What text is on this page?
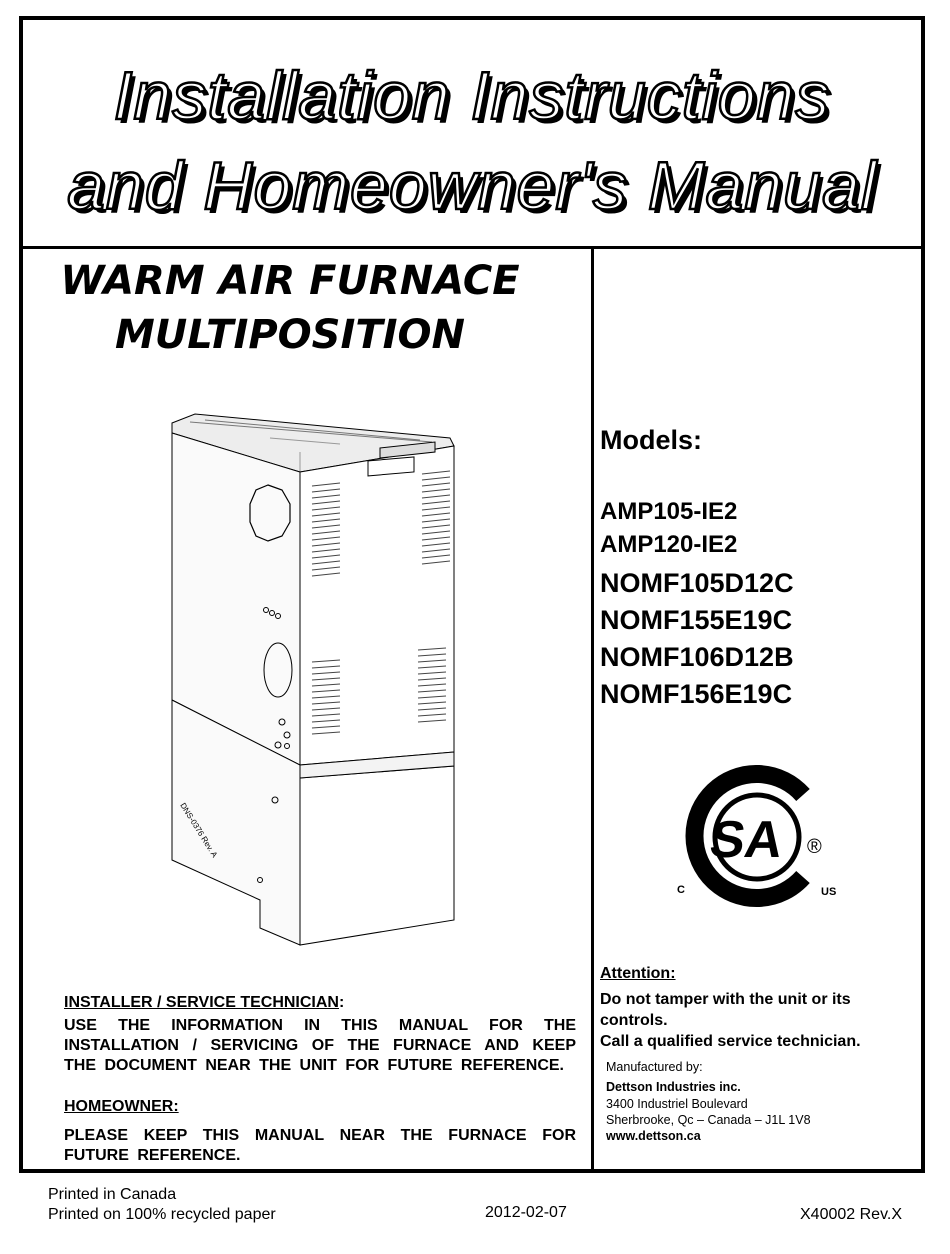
Installation Instructions
and Homeowner's Manual
WARM AIR FURNACE
MULTIPOSITION
DNS-0376 Rev. A
Models:
AMP105-IE2
AMP120-IE2
NOMF105D12C
NOMF155E19C
NOMF106D12B
NOMF156E19C
SA ®
C	US
Attention:
Do not tamper with the unit or its controls.
Call a qualified service technician.
Manufactured by:
Dettson Industries inc.
3400 Industriel Boulevard
Sherbrooke, Qc – Canada – J1L 1V8
www.dettson.ca
INSTALLER / SERVICE TECHNICIAN:
USE THE INFORMATION IN THIS MANUAL FOR THE INSTALLATION / SERVICING OF THE FURNACE AND KEEP THE DOCUMENT NEAR THE UNIT FOR FUTURE REFERENCE.
HOMEOWNER:
PLEASE KEEP THIS MANUAL NEAR THE FURNACE FOR FUTURE REFERENCE.
Printed in Canada
Printed on 100% recycled paper	2012-02-07	X40002 Rev.X
